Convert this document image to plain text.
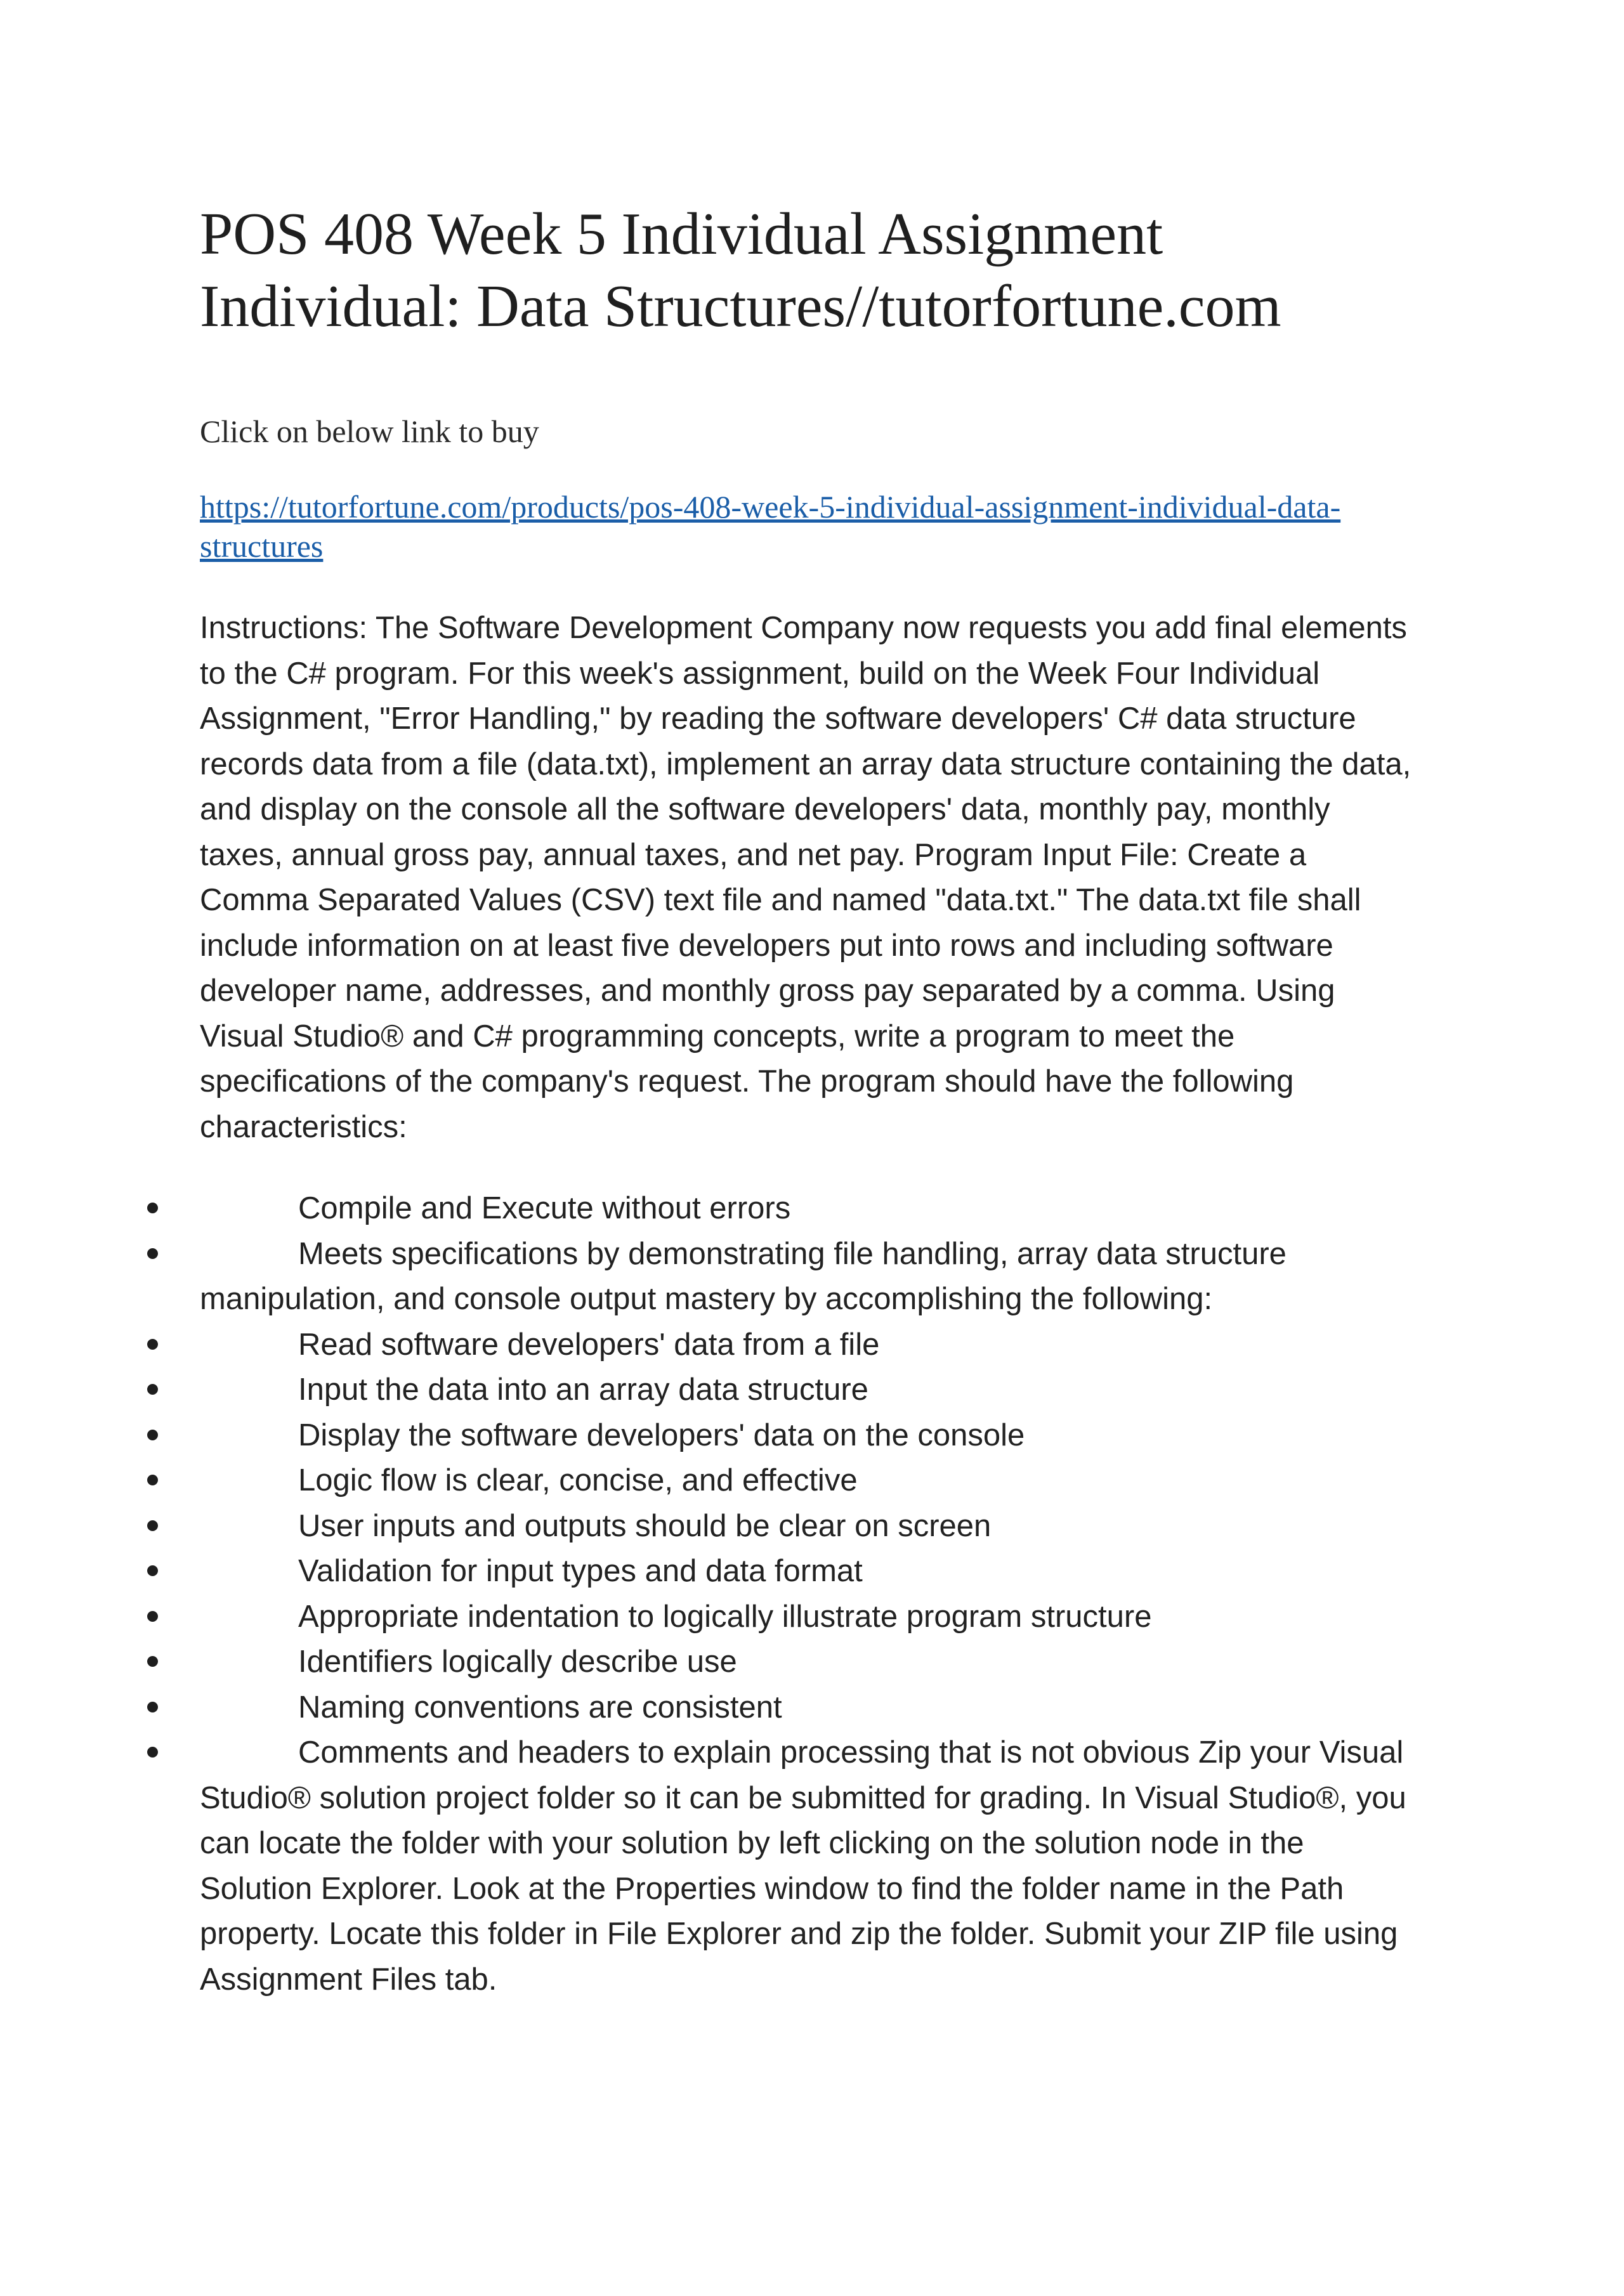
POS 408 Week 5 Individual Assignment
Individual: Data Structures//tutorfortune.com

Click on below link to buy

https://tutorfortune.com/products/pos-408-week-5-individual-assignment-individual-data-
structures

Instructions: The Software Development Company now requests you add final elements
to the C# program. For this week's assignment, build on the Week Four Individual
Assignment, "Error Handling," by reading the software developers' C# data structure
records data from a file (data.txt), implement an array data structure containing the data,
and display on the console all the software developers' data, monthly pay, monthly
taxes, annual gross pay, annual taxes, and net pay. Program Input File: Create a
Comma Separated Values (CSV) text file and named "data.txt." The data.txt file shall
include information on at least five developers put into rows and including software
developer name, addresses, and monthly gross pay separated by a comma. Using
Visual Studio® and C# programming concepts, write a program to meet the
specifications of the company's request. The program should have the following
characteristics:

Compile and Execute without errors
Meets specifications by demonstrating file handling, array data structure
manipulation, and console output mastery by accomplishing the following:
Read software developers' data from a file
Input the data into an array data structure
Display the software developers' data on the console
Logic flow is clear, concise, and effective
User inputs and outputs should be clear on screen
Validation for input types and data format
Appropriate indentation to logically illustrate program structure
Identifiers logically describe use
Naming conventions are consistent
Comments and headers to explain processing that is not obvious Zip your Visual
Studio® solution project folder so it can be submitted for grading. In Visual Studio®, you
can locate the folder with your solution by left clicking on the solution node in the
Solution Explorer. Look at the Properties window to find the folder name in the Path
property. Locate this folder in File Explorer and zip the folder. Submit your ZIP file using
Assignment Files tab.
